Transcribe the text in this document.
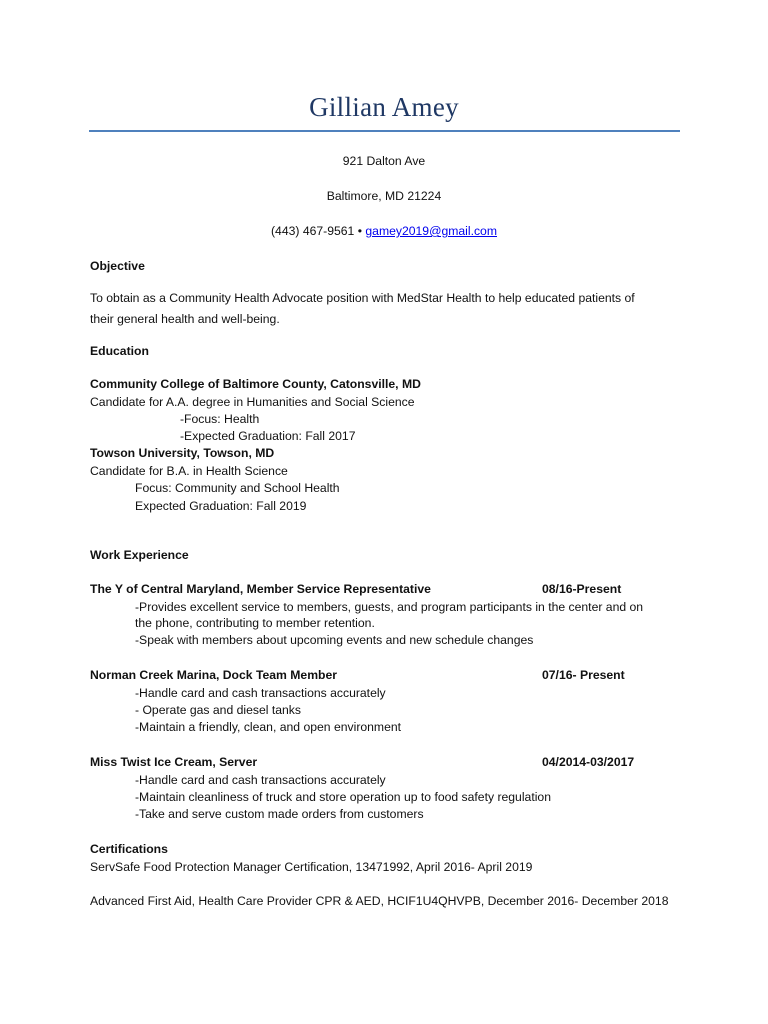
Gillian Amey
921 Dalton Ave
Baltimore, MD 21224
(443) 467-9561 • gamey2019@gmail.com
Objective
To obtain as a Community Health Advocate position with MedStar Health to help educated patients of
their general health and well-being.
Education
Community College of Baltimore County, Catonsville, MD
Candidate for A.A. degree in Humanities and Social Science
-Focus: Health
-Expected Graduation: Fall 2017
Towson University, Towson, MD
Candidate for B.A. in Health Science
Focus: Community and School Health
Expected Graduation: Fall 2019
Work Experience
The Y of Central Maryland, Member Service Representative	08/16-Present
-Provides excellent service to members, guests, and program participants in the center and on
the phone, contributing to member retention.
-Speak with members about upcoming events and new schedule changes
Norman Creek Marina, Dock Team Member	07/16- Present
-Handle card and cash transactions accurately
- Operate gas and diesel tanks
-Maintain a friendly, clean, and open environment
Miss Twist Ice Cream, Server	04/2014-03/2017
-Handle card and cash transactions accurately
-Maintain cleanliness of truck and store operation up to food safety regulation
-Take and serve custom made orders from customers
Certifications
ServSafe Food Protection Manager Certification, 13471992, April 2016- April 2019
Advanced First Aid, Health Care Provider CPR & AED, HCIF1U4QHVPB, December 2016- December 2018
